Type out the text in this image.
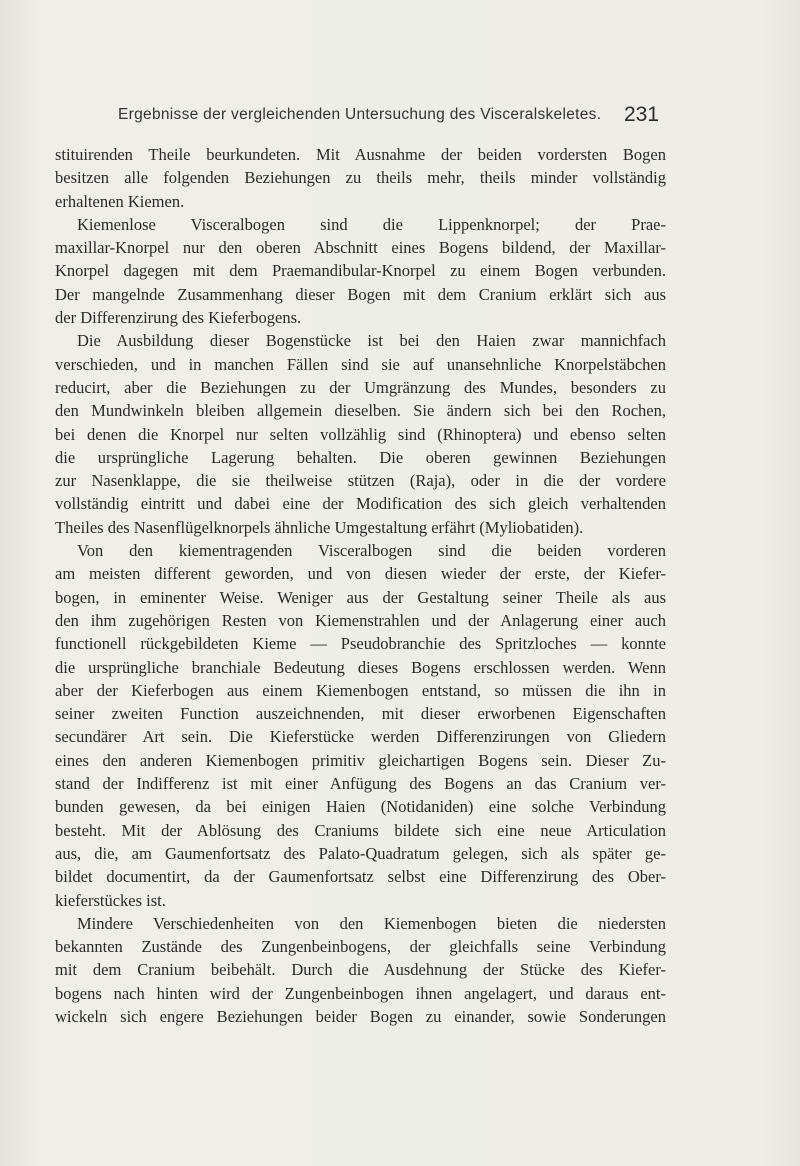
Ergebnisse der vergleichenden Untersuchung des Visceralskeletes. 231
stituirenden Theile beurkundeten. Mit Ausnahme der beiden vordersten Bogen
besitzen alle folgenden Beziehungen zu theils mehr, theils minder vollständig
erhaltenen Kiemen.
Kiemenlose Visceralbogen sind die Lippenknorpel; der Prae-
maxillar-Knorpel nur den oberen Abschnitt eines Bogens bildend, der Maxillar-
Knorpel dagegen mit dem Praemandibular-Knorpel zu einem Bogen verbunden.
Der mangelnde Zusammenhang dieser Bogen mit dem Cranium erklärt sich aus
der Differenzirung des Kieferbogens.
Die Ausbildung dieser Bogenstücke ist bei den Haien zwar mannichfach
verschieden, und in manchen Fällen sind sie auf unansehnliche Knorpelstäbchen
reducirt, aber die Beziehungen zu der Umgränzung des Mundes, besonders zu
den Mundwinkeln bleiben allgemein dieselben. Sie ändern sich bei den Rochen,
bei denen die Knorpel nur selten vollzählig sind (Rhinoptera) und ebenso selten
die ursprüngliche Lagerung behalten. Die oberen gewinnen Beziehungen
zur Nasenklappe, die sie theilweise stützen (Raja), oder in die der vordere
vollständig eintritt und dabei eine der Modification des sich gleich verhaltenden
Theiles des Nasenflügelknorpels ähnliche Umgestaltung erfährt (Myliobatiden).
Von den kiementragenden Visceralbogen sind die beiden vorderen
am meisten different geworden, und von diesen wieder der erste, der Kiefer-
bogen, in eminenter Weise. Weniger aus der Gestaltung seiner Theile als aus
den ihm zugehörigen Resten von Kiemenstrahlen und der Anlagerung einer auch
functionell rückgebildeten Kieme — Pseudobranchie des Spritzloches — konnte
die ursprüngliche branchiale Bedeutung dieses Bogens erschlossen werden. Wenn
aber der Kieferbogen aus einem Kiemenbogen entstand, so müssen die ihn in
seiner zweiten Function auszeichnenden, mit dieser erworbenen Eigenschaften
secundärer Art sein. Die Kieferstücke werden Differenzirungen von Gliedern
eines den anderen Kiemenbogen primitiv gleichartigen Bogens sein. Dieser Zu-
stand der Indifferenz ist mit einer Anfügung des Bogens an das Cranium ver-
bunden gewesen, da bei einigen Haien (Notidaniden) eine solche Verbindung
besteht. Mit der Ablösung des Craniums bildete sich eine neue Articulation
aus, die, am Gaumenfortsatz des Palato-Quadratum gelegen, sich als später ge-
bildet documentirt, da der Gaumenfortsatz selbst eine Differenzirung des Ober-
kieferstückes ist.
Mindere Verschiedenheiten von den Kiemenbogen bieten die niedersten
bekannten Zustände des Zungenbeinbogens, der gleichfalls seine Verbindung
mit dem Cranium beibehält. Durch die Ausdehnung der Stücke des Kiefer-
bogens nach hinten wird der Zungenbeinbogen ihnen angelagert, und daraus ent-
wickeln sich engere Beziehungen beider Bogen zu einander, sowie Sonderungen
